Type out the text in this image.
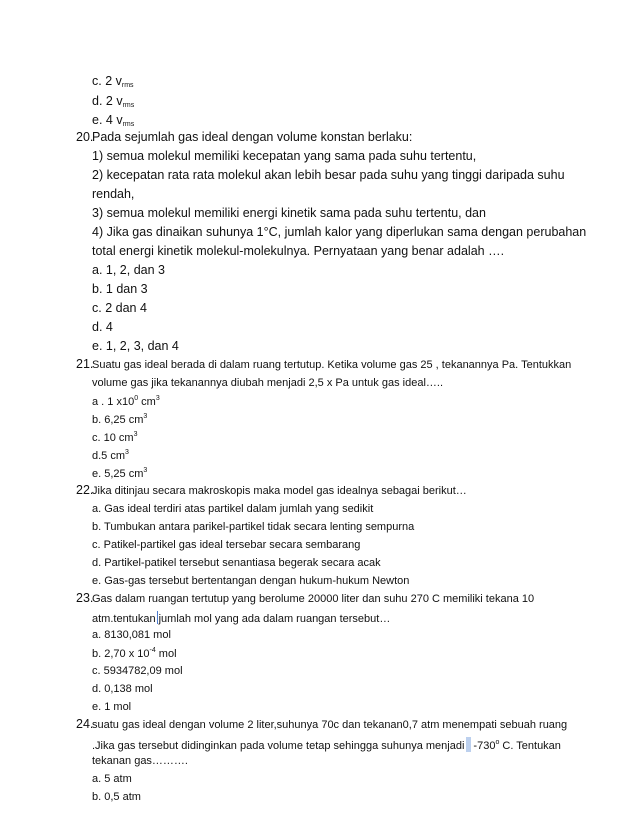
c. 2 $v_{rms}$
d. 2 $v_{rms}$
e. 4 $v_{rms}$
20.
Pada sejumlah gas ideal dengan volume konstan berlaku:
1) semua molekul memiliki kecepatan yang sama pada suhu tertentu,
2) kecepatan rata rata molekul akan lebih besar pada suhu yang tinggi daripada suhu
rendah,
3) semua molekul memiliki energi kinetik sama pada suhu tertentu, dan
4) Jika gas dinaikan suhunya 1°C, jumlah kalor yang diperlukan sama dengan perubahan
total energi kinetik molekul-molekulnya. Pernyataan yang benar adalah ….
a. 1, 2, dan 3
b. 1 dan 3
c. 2 dan 4
d. 4
e. 1, 2, 3, dan 4
21.
Suatu gas ideal berada di dalam ruang tertutup. Ketika volume gas 25 , tekanannya Pa. Tentukkan
volume gas jika tekanannya diubah menjadi 2,5 x Pa untuk gas ideal…..
a . 1 $x10^0$ $cm^3$
b. 6,25 $cm^3$
c. 10 $cm^3$
d.5 $cm^3$
e. 5,25 $cm^3$
22.
Jika ditinjau secara makroskopis maka model gas idealnya sebagai berikut…
a. Gas ideal terdiri atas partikel dalam jumlah yang sedikit
b. Tumbukan antara parikel-partikel tidak secara lenting sempurna
c. Patikel-partikel gas ideal tersebar secara sembarang
d. Partikel-patikel tersebut senantiasa begerak secara acak
e. Gas-gas tersebut bertentangan dengan hukum-hukum Newton
23.
Gas dalam ruangan tertutup yang berolume 20000 liter dan suhu 270 C memiliki tekana 10
atm.tentukan jumlah mol yang ada dalam ruangan tersebut…
a. 8130,081 mol
b. 2,70 x $10^{-4}$ mol
c. 5934782,09 mol
d. 0,138 mol
e. 1 mol
24.
suatu gas ideal dengan volume 2 liter,suhunya 70c dan tekanan0,7 atm menempati sebuah ruang
.Jika gas tersebut didinginkan pada volume tetap sehingga suhunya menjadi -730$^o$ C. Tentukan
tekanan gas……….
a. 5 atm
b. 0,5 atm
